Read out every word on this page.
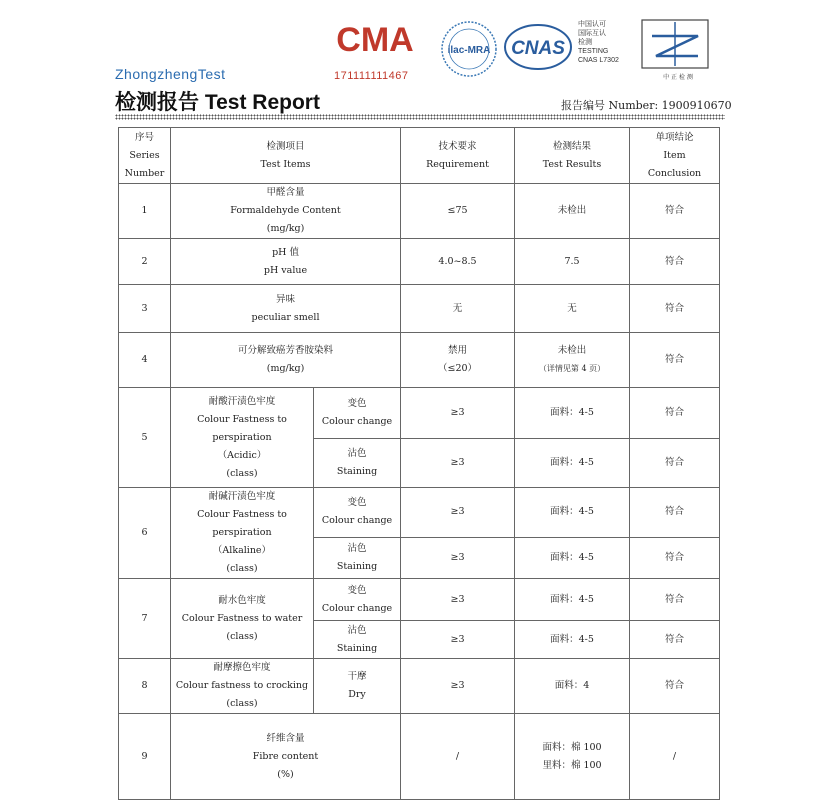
CMA
171111111467
ilac-MRA CNAS
中国认可
国际互认
检测
TESTING
CNAS L7302
中 正 检 测
ZhongzhengTest
检测报告 Test Report	报告编号 Number: 1900910670
序号
Series
Number	检测项目
Test Items		技术要求
Requirement	检测结果
Test Results	单项结论
Item
Conclusion

1	甲醛含量
Formaldehyde Content
(mg/kg)		≤75	未检出	符合
2	pH 值
pH value		4.0~8.5	7.5	符合
3	异味
peculiar smell		无	无	符合
4	可分解致癌芳香胺染料
(mg/kg)		禁用
（≤20）	未检出
（详情见第 4 页）	符合
5	耐酸汗渍色牢度
Colour Fastness to perspiration
（Acidic）
(class)	变色
Colour change	≥3	面料：4-5	符合

		沾色
Staining	≥3	面料：4-5	符合
6	耐碱汗渍色牢度
Colour Fastness to perspiration
（Alkaline）
(class)	变色
Colour change	≥3	面料：4-5	符合

		沾色
Staining	≥3	面料：4-5	符合
7	耐水色牢度
Colour Fastness to water
(class)	变色
Colour change	≥3	面料：4-5	符合

		沾色
Staining	≥3	面料：4-5	符合
8	耐摩擦色牢度
Colour fastness to crocking
(class)	干摩
Dry	≥3	面料：4	符合
9	纤维含量
Fibre content
(%)		/	面料：棉 100
里料：棉 100	/
